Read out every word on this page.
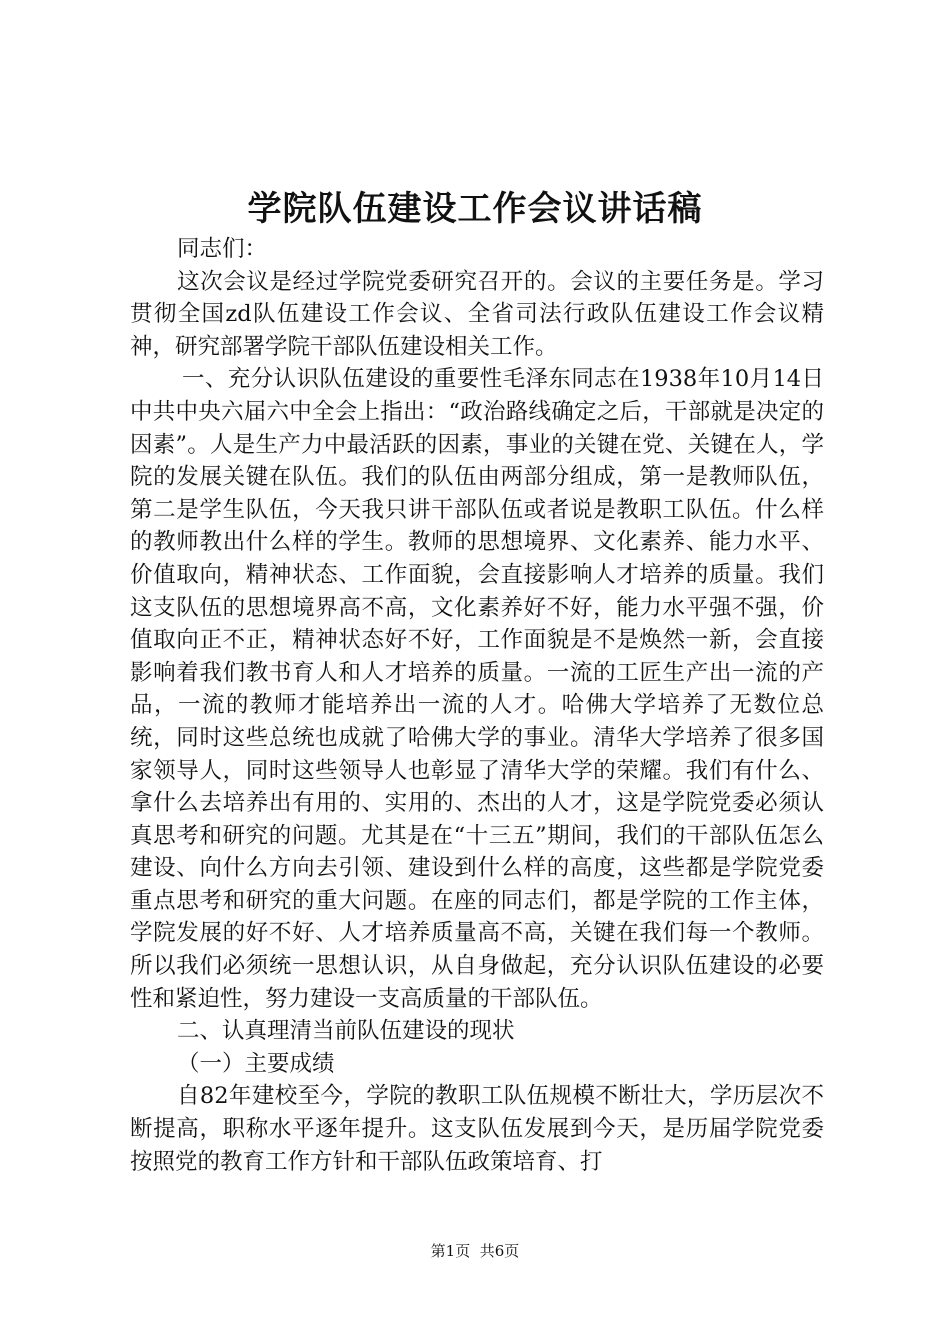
学院队伍建设工作会议讲话稿

同志们：

这次会议是经过学院党委研究召开的。会议的主要任务是。学习贯彻全国zd队伍建设工作会议、全省司法行政队伍建设工作会议精神，研究部署学院干部队伍建设相关工作。

一、充分认识队伍建设的重要性毛泽东同志在1938年10月14日中共中央六届六中全会上指出：“政治路线确定之后，干部就是决定的因素”。人是生产力中最活跃的因素，事业的关键在党、关键在人，学院的发展关键在队伍。我们的队伍由两部分组成，第一是教师队伍，第二是学生队伍，今天我只讲干部队伍或者说是教职工队伍。什么样的教师教出什么样的学生。教师的思想境界、文化素养、能力水平、价值取向，精神状态、工作面貌，会直接影响人才培养的质量。我们这支队伍的思想境界高不高，文化素养好不好，能力水平强不强，价值取向正不正，精神状态好不好，工作面貌是不是焕然一新，会直接影响着我们教书育人和人才培养的质量。一流的工匠生产出一流的产品，一流的教师才能培养出一流的人才。哈佛大学培养了无数位总统，同时这些总统也成就了哈佛大学的事业。清华大学培养了很多国家领导人，同时这些领导人也彰显了清华大学的荣耀。我们有什么、拿什么去培养出有用的、实用的、杰出的人才，这是学院党委必须认真思考和研究的问题。尤其是在“十三五”期间，我们的干部队伍怎么建设、向什么方向去引领、建设到什么样的高度，这些都是学院党委重点思考和研究的重大问题。在座的同志们，都是学院的工作主体，学院发展的好不好、人才培养质量高不高，关键在我们每一个教师。所以我们必须统一思想认识，从自身做起，充分认识队伍建设的必要性和紧迫性，努力建设一支高质量的干部队伍。

二、认真理清当前队伍建设的现状

（一）主要成绩

自82年建校至今，学院的教职工队伍规模不断壮大，学历层次不断提高，职称水平逐年提升。这支队伍发展到今天，是历届学院党委按照党的教育工作方针和干部队伍政策培育、打

第1页 共6页
